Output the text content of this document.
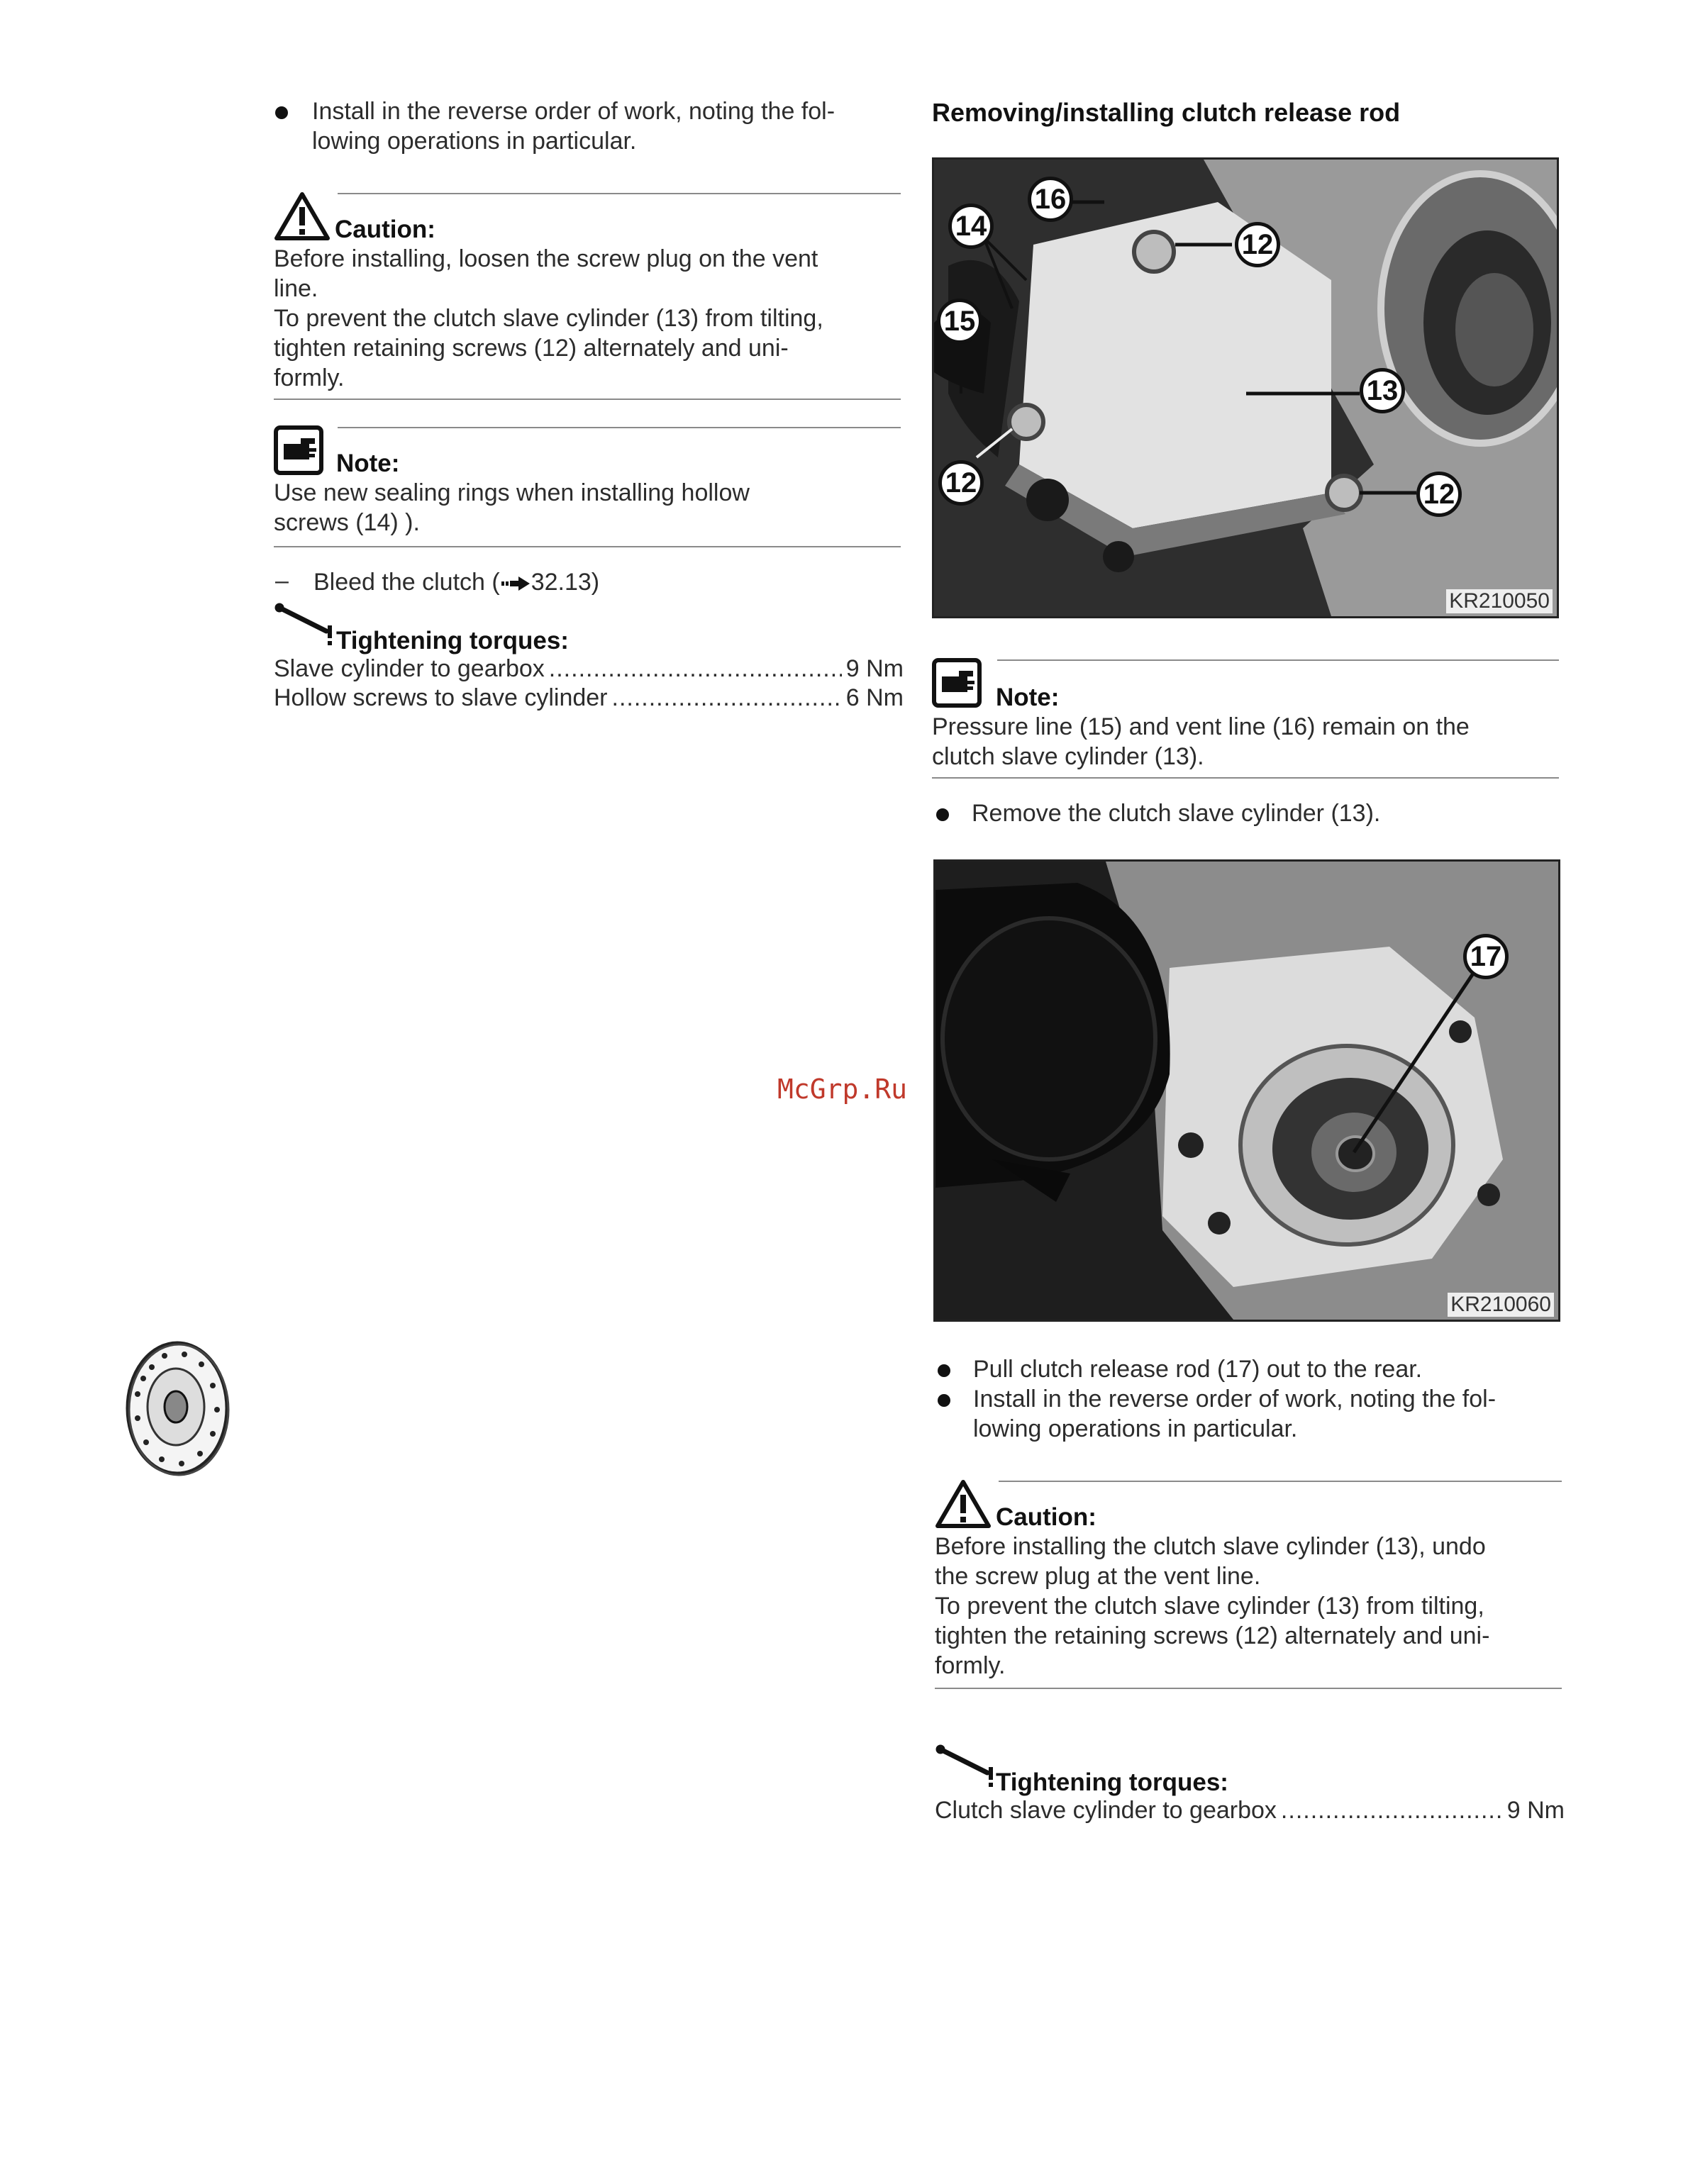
Install in the reverse order of work, noting the fol-
lowing operations in particular.
Caution:
Before installing, loosen the screw plug on the vent
line.
To prevent the clutch slave cylinder (13) from tilting,
tighten retaining screws (12) alternately and uni-
formly.
Note:
Use new sealing rings when installing hollow
screws (14) ).
– Bleed the clutch ( 32.13)
Tightening torques:
Slave cylinder to gearbox .....	9 Nm
Hollow screws to slave cylinder .....	6 Nm
Removing/installing clutch release rod
16
14
12
15
13
12	12
KR210050
Note:
Pressure line (15) and vent line (16) remain on the
clutch slave cylinder (13).
Remove the clutch slave cylinder (13).
17
KR210060
Pull clutch release rod (17) out to the rear.
Install in the reverse order of work, noting the fol-
lowing operations in particular.
Caution:
Before installing the clutch slave cylinder (13), undo
the screw plug at the vent line.
To prevent the clutch slave cylinder (13) from tilting,
tighten the retaining screws (12) alternately and uni-
formly.
Tightening torques:
Clutch slave cylinder to gearbox .....	9 Nm
McGrp.Ru
